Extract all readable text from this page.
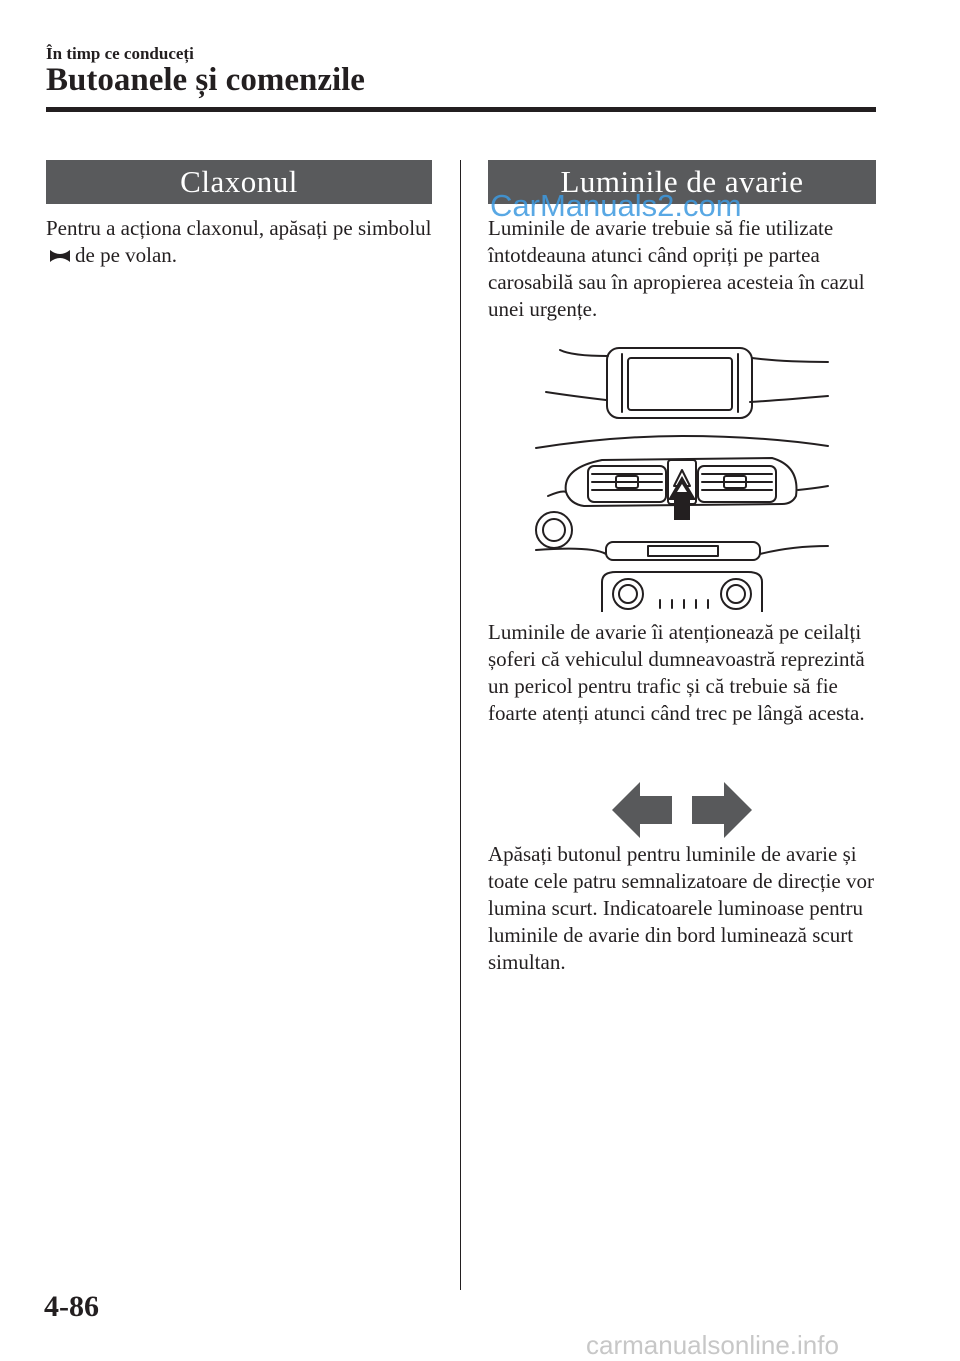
În timp ce conduceți
Butoanele și comenzile
Claxonul
Pentru a acționa claxonul, apăsați pe simbolulde pe volan.
Luminile de avarie
CarManuals2.com
Luminile de avarie trebuie să fie utilizate întotdeauna atunci când opriți pe partea carosabilă sau în apropierea acesteia în cazul unei urgențe.
Luminile de avarie îi atenționează pe ceilalți șoferi că vehiculul dumneavoastră reprezintă un pericol pentru trafic și că trebuie să fie foarte atenți atunci când trec pe lângă acesta.
Apăsați butonul pentru luminile de avarie și toate cele patru semnalizatoare de direcție vor lumina scurt. Indicatoarele luminoase pentru luminile de avarie din bord luminează scurt simultan.
4-86
carmanualsonline.info
